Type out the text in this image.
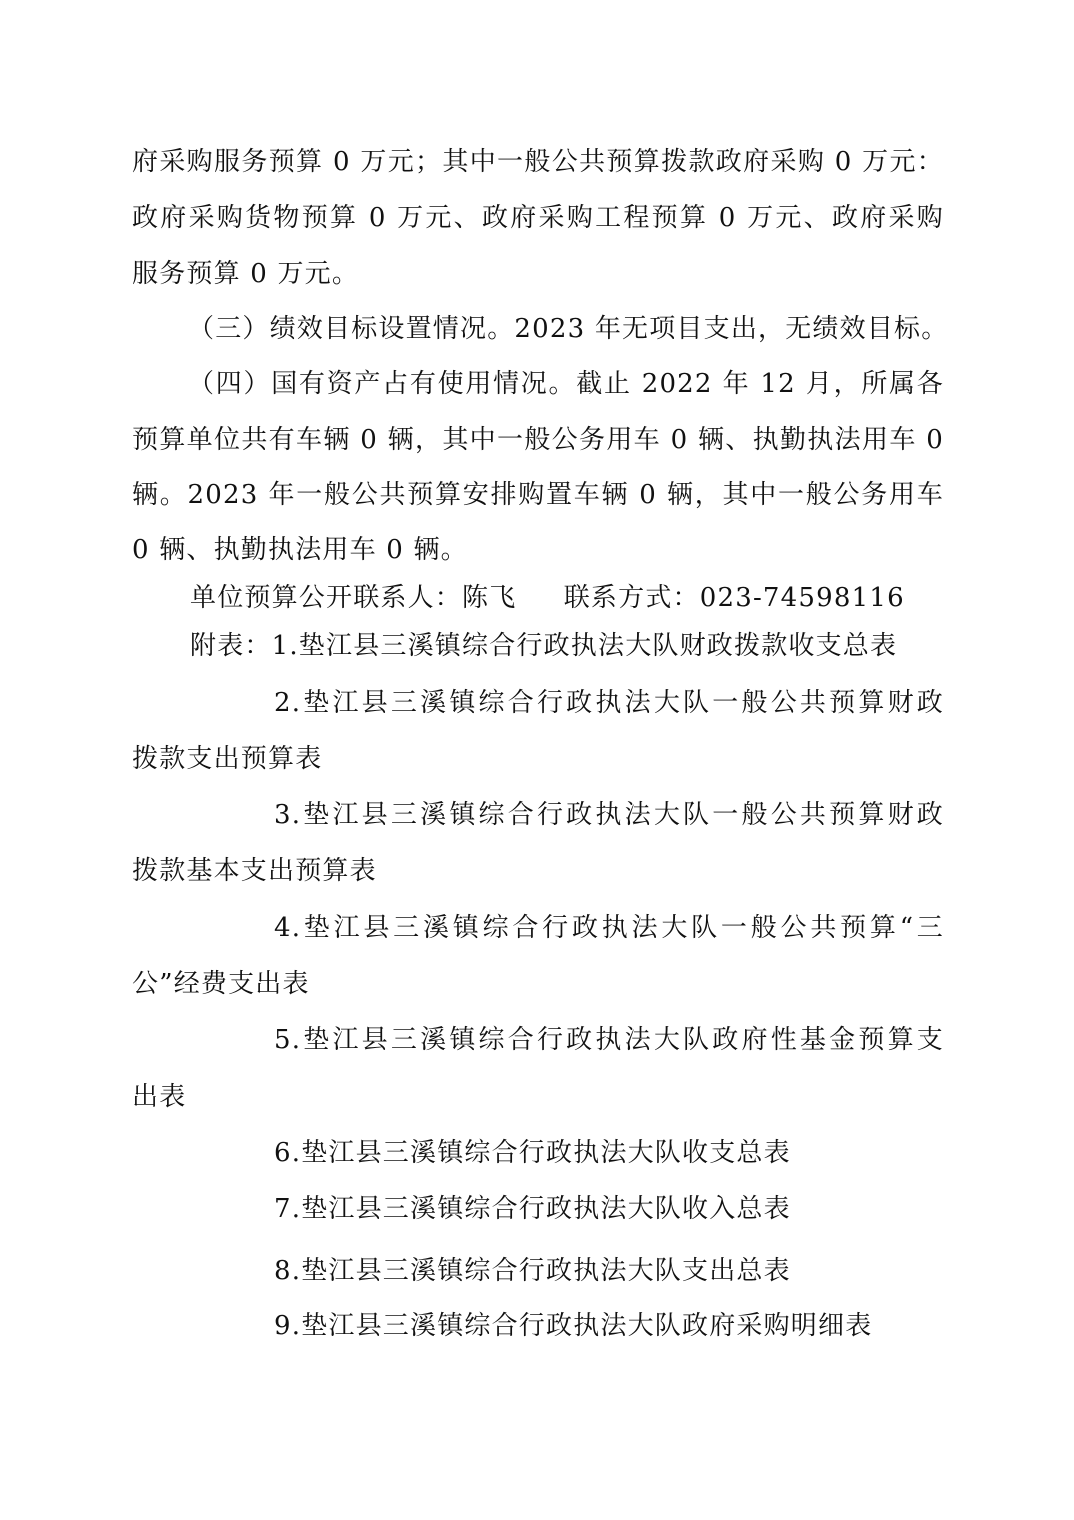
府采购服务预算 0 万元；其中一般公共预算拨款政府采购 0 万元：
政府采购货物预算 0 万元、政府采购工程预算 0 万元、政府采购
服务预算 0 万元。
（三）绩效目标设置情况。2023 年无项目支出，无绩效目标。
（四）国有资产占有使用情况。截止 2022 年 12 月，所属各
预算单位共有车辆 0 辆，其中一般公务用车 0 辆、执勤执法用车 0
辆。2023 年一般公共预算安排购置车辆 0 辆，其中一般公务用车
0 辆、执勤执法用车 0 辆。
单位预算公开联系人：陈飞     联系方式：023-74598116
附表：1.垫江县三溪镇综合行政执法大队财政拨款收支总表
2.垫江县三溪镇综合行政执法大队一般公共预算财政
拨款支出预算表
3.垫江县三溪镇综合行政执法大队一般公共预算财政
拨款基本支出预算表
4.垫江县三溪镇综合行政执法大队一般公共预算“三
公”经费支出表
5.垫江县三溪镇综合行政执法大队政府性基金预算支
出表
6.垫江县三溪镇综合行政执法大队收支总表
7.垫江县三溪镇综合行政执法大队收入总表
8.垫江县三溪镇综合行政执法大队支出总表
9.垫江县三溪镇综合行政执法大队政府采购明细表
